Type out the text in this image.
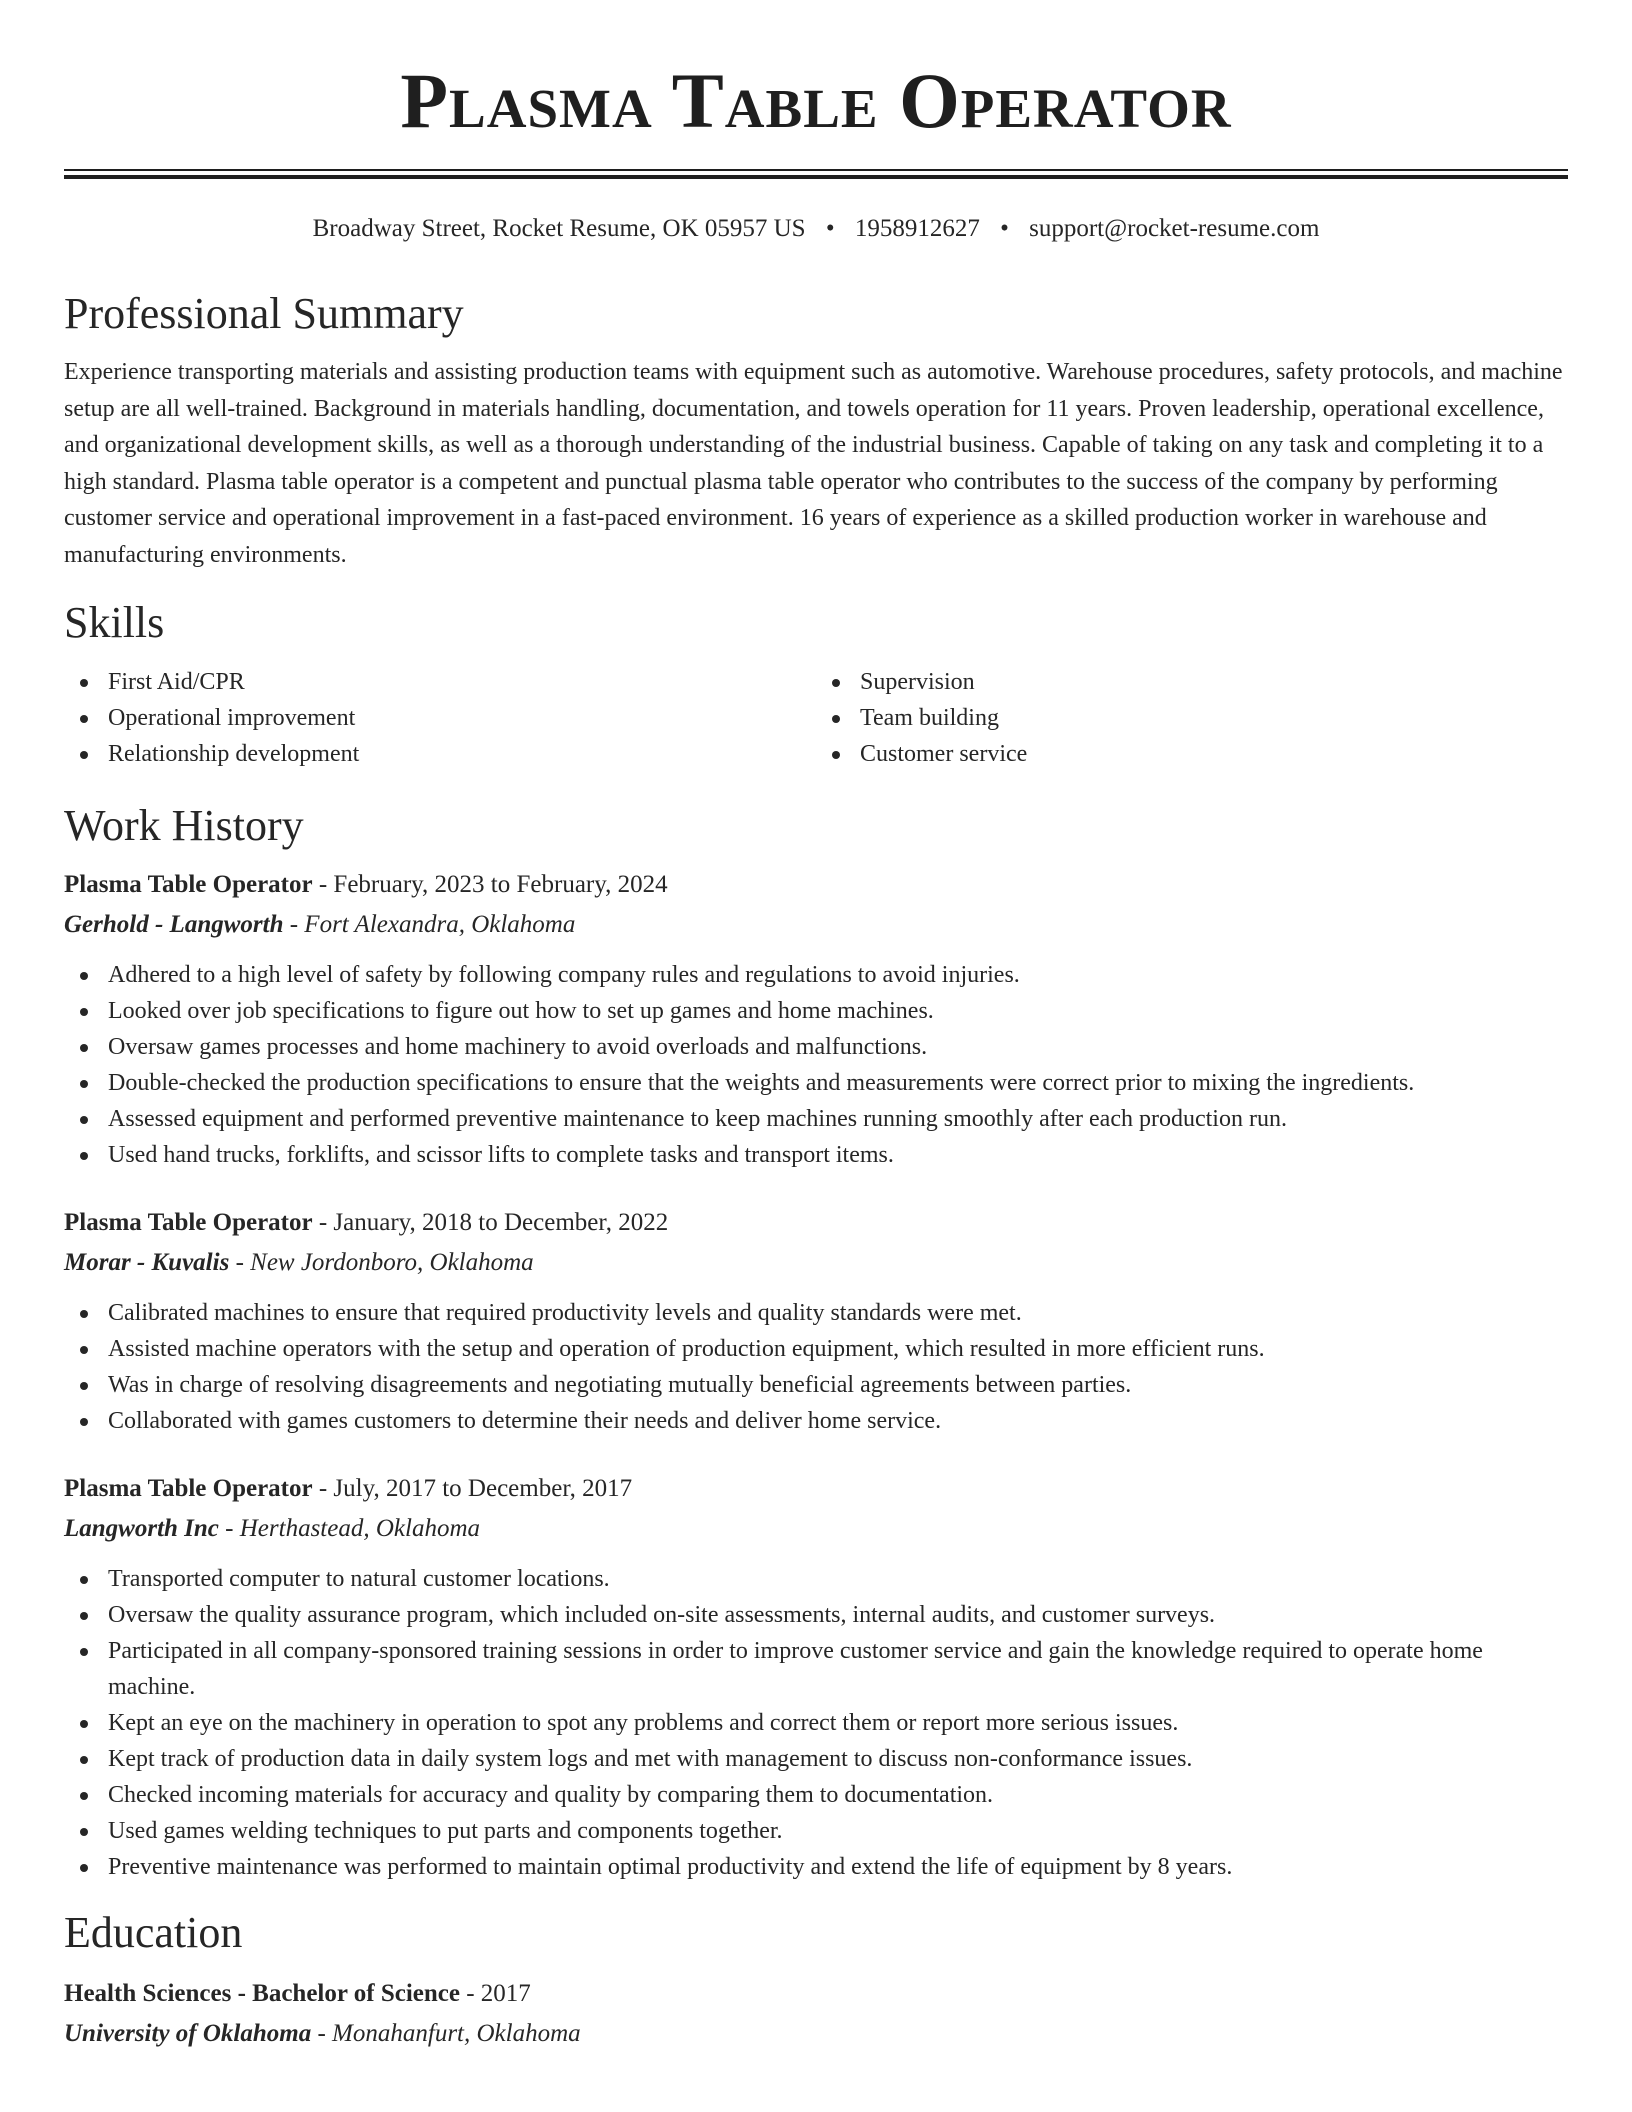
Plasma Table Operator
Broadway Street, Rocket Resume, OK 05957 US • 1958912627 • support@rocket-resume.com
Professional Summary

Experience transporting materials and assisting production teams with equipment such as automotive. Warehouse procedures, safety protocols, and machine setup are all well-trained. Background in materials handling, documentation, and towels operation for 11 years. Proven leadership, operational excellence, and organizational development skills, as well as a thorough understanding of the industrial business. Capable of taking on any task and completing it to a high standard. Plasma table operator is a competent and punctual plasma table operator who contributes to the success of the company by performing customer service and operational improvement in a fast-paced environment. 16 years of experience as a skilled production worker in warehouse and manufacturing environments.

Skills
First Aid/CPR
Operational improvement
Relationship development
Supervision
Team building
Customer service
Work History
Plasma Table Operator - February, 2023 to February, 2024
Gerhold - Langworth - Fort Alexandra, Oklahoma
Adhered to a high level of safety by following company rules and regulations to avoid injuries.
Looked over job specifications to figure out how to set up games and home machines.
Oversaw games processes and home machinery to avoid overloads and malfunctions.
Double-checked the production specifications to ensure that the weights and measurements were correct prior to mixing the ingredients.
Assessed equipment and performed preventive maintenance to keep machines running smoothly after each production run.
Used hand trucks, forklifts, and scissor lifts to complete tasks and transport items.
Plasma Table Operator - January, 2018 to December, 2022
Morar - Kuvalis - New Jordonboro, Oklahoma
Calibrated machines to ensure that required productivity levels and quality standards were met.
Assisted machine operators with the setup and operation of production equipment, which resulted in more efficient runs.
Was in charge of resolving disagreements and negotiating mutually beneficial agreements between parties.
Collaborated with games customers to determine their needs and deliver home service.
Plasma Table Operator - July, 2017 to December, 2017
Langworth Inc - Herthastead, Oklahoma
Transported computer to natural customer locations.
Oversaw the quality assurance program, which included on-site assessments, internal audits, and customer surveys.
Participated in all company-sponsored training sessions in order to improve customer service and gain the knowledge required to operate home machine.
Kept an eye on the machinery in operation to spot any problems and correct them or report more serious issues.
Kept track of production data in daily system logs and met with management to discuss non-conformance issues.
Checked incoming materials for accuracy and quality by comparing them to documentation.
Used games welding techniques to put parts and components together.
Preventive maintenance was performed to maintain optimal productivity and extend the life of equipment by 8 years.
Education
Health Sciences - Bachelor of Science - 2017
University of Oklahoma - Monahanfurt, Oklahoma
